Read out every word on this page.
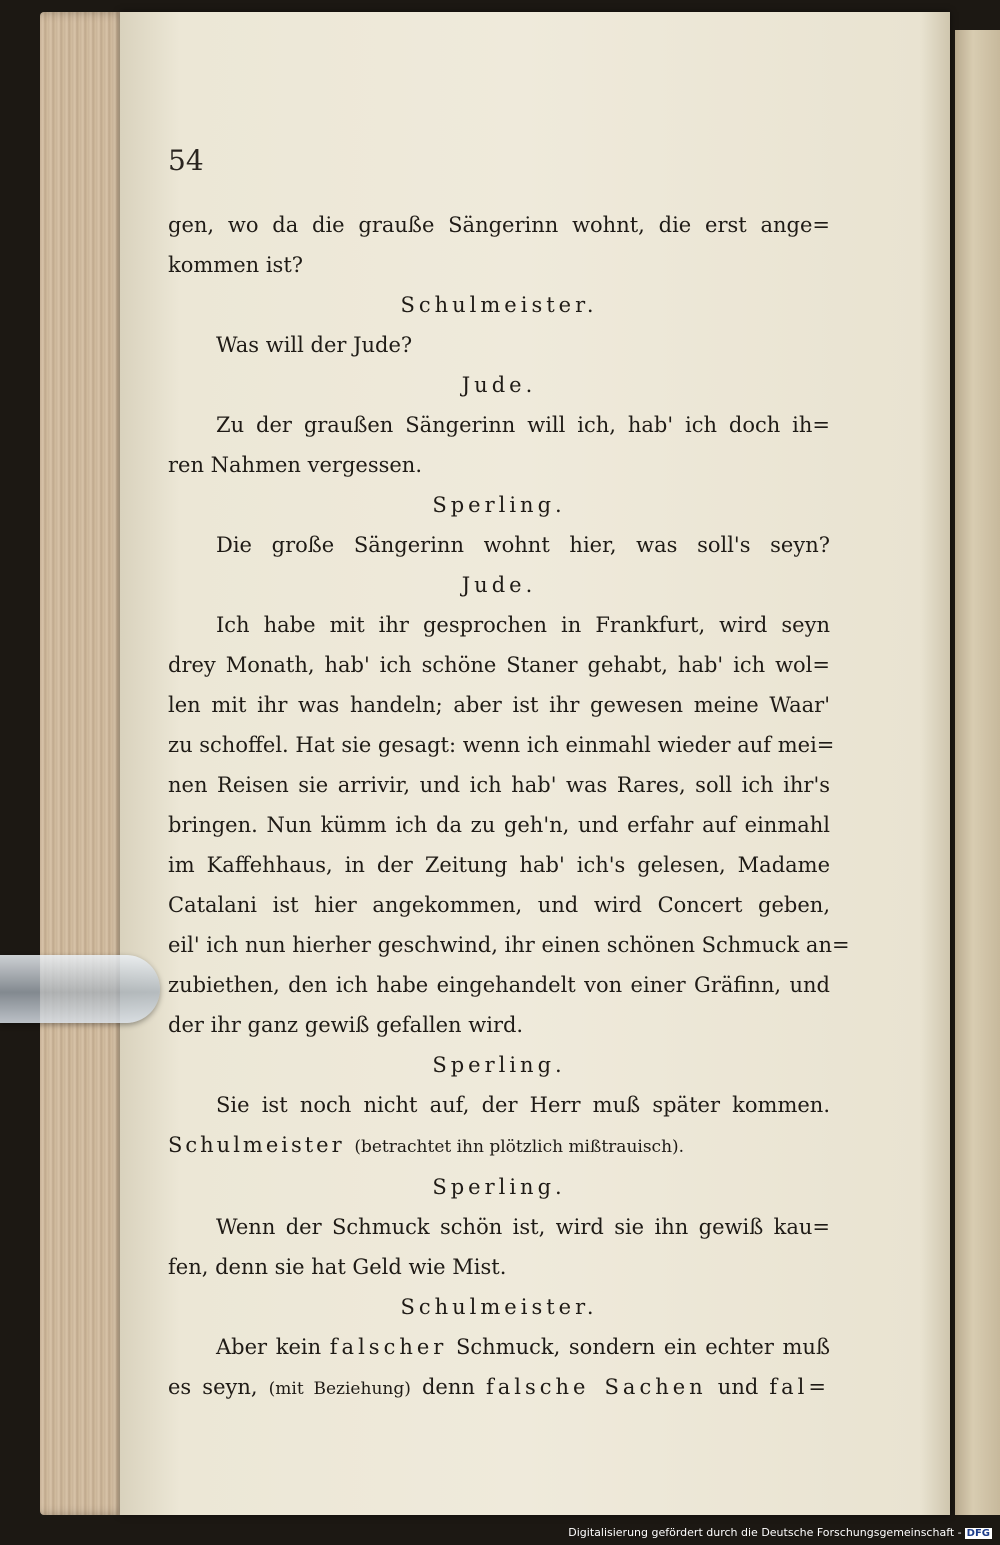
54
gen, wo da die grauße Sängerinn wohnt, die erst ange=
kommen ist?
Schulmeister.
Was will der Jude?
Jude.
Zu der graußen Sängerinn will ich, hab' ich doch ih=
ren Nahmen vergessen.
Sperling.
Die große Sängerinn wohnt hier, was soll's seyn?
Jude.
Ich habe mit ihr gesprochen in Frankfurt, wird seyn
drey Monath, hab' ich schöne Staner gehabt, hab' ich wol=
len mit ihr was handeln; aber ist ihr gewesen meine Waar'
zu schoffel. Hat sie gesagt: wenn ich einmahl wieder auf mei=
nen Reisen sie arrivir, und ich hab' was Rares, soll ich ihr's
bringen. Nun kümm ich da zu geh'n, und erfahr auf einmahl
im Kaffehhaus, in der Zeitung hab' ich's gelesen, Madame
Catalani ist hier angekommen, und wird Concert geben,
eil' ich nun hierher geschwind, ihr einen schönen Schmuck an=
zubiethen, den ich habe eingehandelt von einer Gräfinn, und
der ihr ganz gewiß gefallen wird.
Sperling.
Sie ist noch nicht auf, der Herr muß später kommen.
Schulmeister (betrachtet ihn plötzlich mißtrauisch).
Sperling.
Wenn der Schmuck schön ist, wird sie ihn gewiß kau=
fen, denn sie hat Geld wie Mist.
Schulmeister.
Aber kein falscher Schmuck, sondern ein echter muß
es seyn, (mit Beziehung) denn falsche Sachen und fal=
Digitalisierung gefördert durch die Deutsche Forschungsgemeinschaft - DFG
